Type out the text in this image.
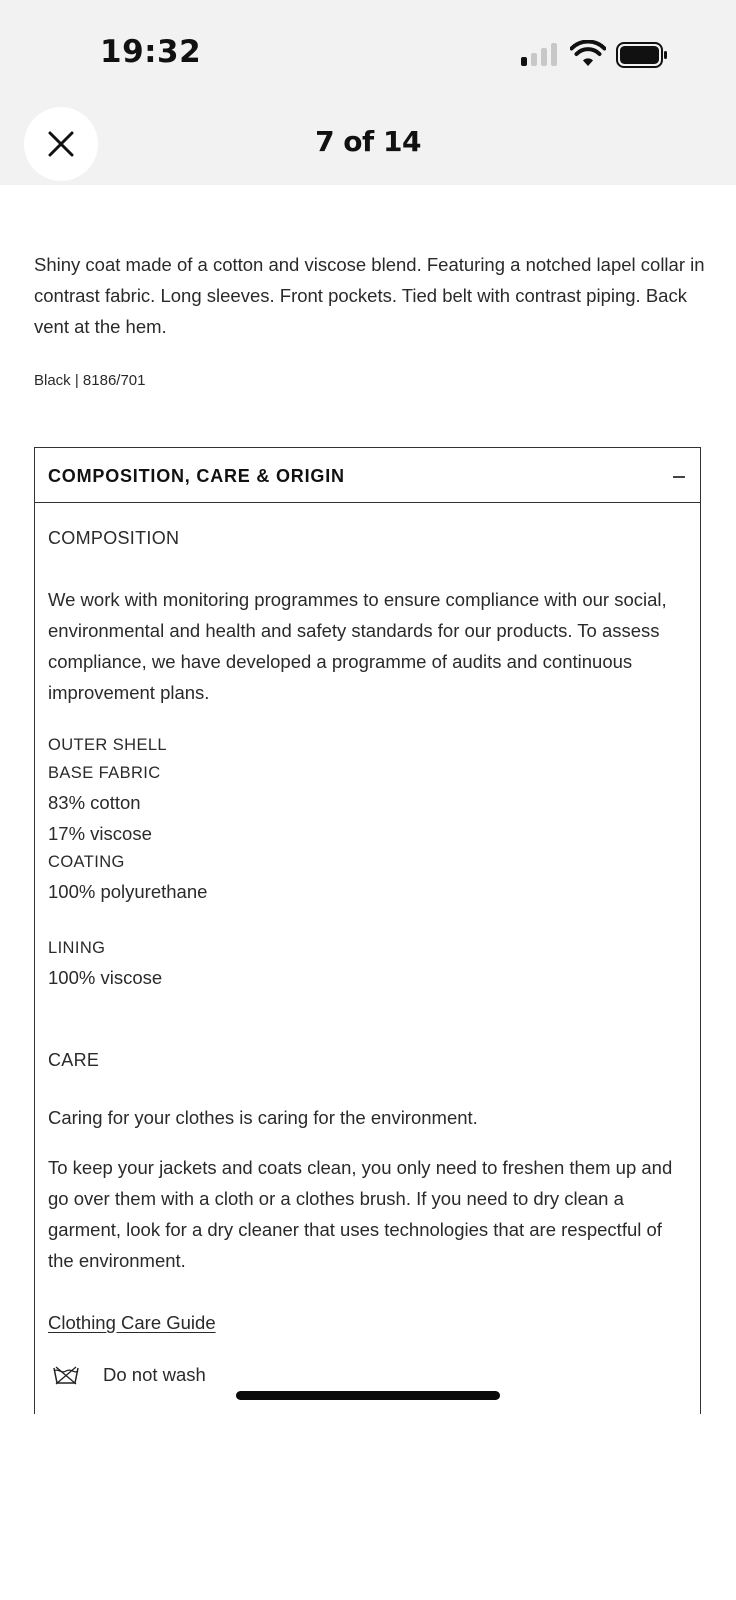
19:32
7 of 14

Shiny coat made of a cotton and viscose blend. Featuring a notched lapel collar in contrast fabric. Long sleeves. Front pockets. Tied belt with contrast piping. Back vent at the hem.

Black | 8186/701
COMPOSITION, CARE & ORIGIN
COMPOSITION

We work with monitoring programmes to ensure compliance with our social, environmental and health and safety standards for our products. To assess compliance, we have developed a programme of audits and continuous improvement plans.

OUTER SHELL
BASE FABRIC
83% cotton
17% viscose
COATING
100% polyurethane
LINING
100% viscose
CARE
Caring for your clothes is caring for the environment.

To keep your jackets and coats clean, you only need to freshen them up and go over them with a cloth or a clothes brush. If you need to dry clean a garment, look for a dry cleaner that uses technologies that are respectful of the environment.

Clothing Care Guide
Do not wash
